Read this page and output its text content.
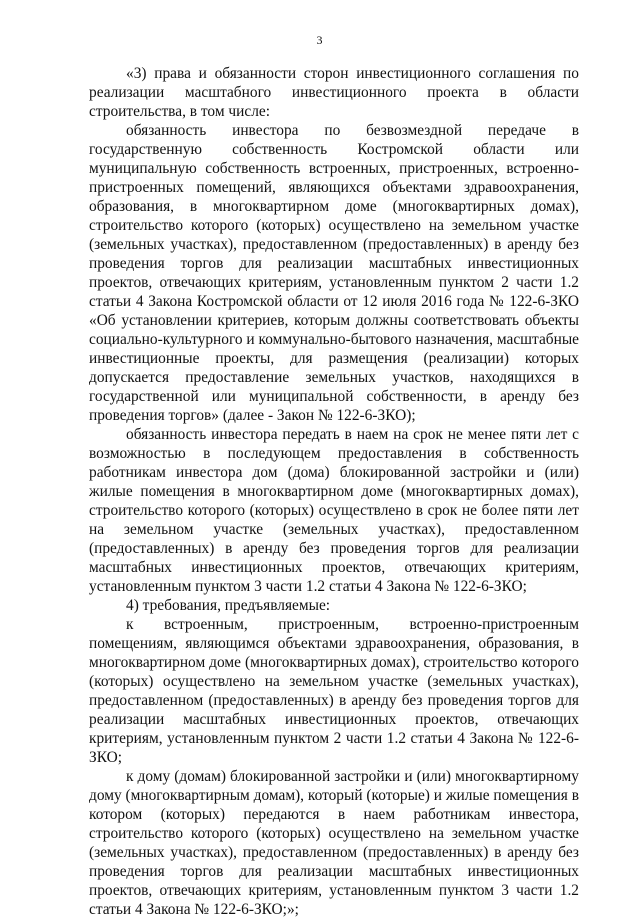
3

«3) права и обязанности сторон инвестиционного соглашения по реализации масштабного инвестиционного проекта в области строительства, в том числе:

обязанность инвестора по безвозмездной передаче в государственную собственность Костромской области или муниципальную собственность встроенных, пристроенных, встроенно-пристроенных помещений, являющихся объектами здравоохранения, образования, в многоквартирном доме (многоквартирных домах), строительство которого (которых) осуществлено на земельном участке (земельных участках), предоставленном (предоставленных) в аренду без проведения торгов для реализации масштабных инвестиционных проектов, отвечающих критериям, установленным пунктом 2 части 1.2 статьи 4 Закона Костромской области от 12 июля 2016 года № 122-6-ЗКО «Об установлении критериев, которым должны соответствовать объекты социально-культурного и коммунально-бытового назначения, масштабные инвестиционные проекты, для размещения (реализации) которых допускается предоставление земельных участков, находящихся в государственной или муниципальной собственности, в аренду без проведения торгов» (далее - Закон № 122-6-ЗКО);

обязанность инвестора передать в наем на срок не менее пяти лет с возможностью в последующем предоставления в собственность работникам инвестора дом (дома) блокированной застройки и (или) жилые помещения в многоквартирном доме (многоквартирных домах), строительство которого (которых) осуществлено в срок не более пяти лет на земельном участке (земельных участках), предоставленном (предоставленных) в аренду без проведения торгов для реализации масштабных инвестиционных проектов, отвечающих критериям, установленным пунктом 3 части 1.2 статьи 4 Закона № 122-6-ЗКО;

4) требования, предъявляемые:

к встроенным, пристроенным, встроенно-пристроенным помещениям, являющимся объектами здравоохранения, образования, в многоквартирном доме (многоквартирных домах), строительство которого (которых) осуществлено на земельном участке (земельных участках), предоставленном (предоставленных) в аренду без проведения торгов для реализации масштабных инвестиционных проектов, отвечающих критериям, установленным пунктом 2 части 1.2 статьи 4 Закона № 122-6-ЗКО;

к дому (домам) блокированной застройки и (или) многоквартирному дому (многоквартирным домам), который (которые) и жилые помещения в котором (которых) передаются в наем работникам инвестора, строительство которого (которых) осуществлено на земельном участке (земельных участках), предоставленном (предоставленных) в аренду без проведения торгов для реализации масштабных инвестиционных проектов, отвечающих критериям, установленным пунктом 3 части 1.2 статьи 4 Закона № 122-6-ЗКО;»;
